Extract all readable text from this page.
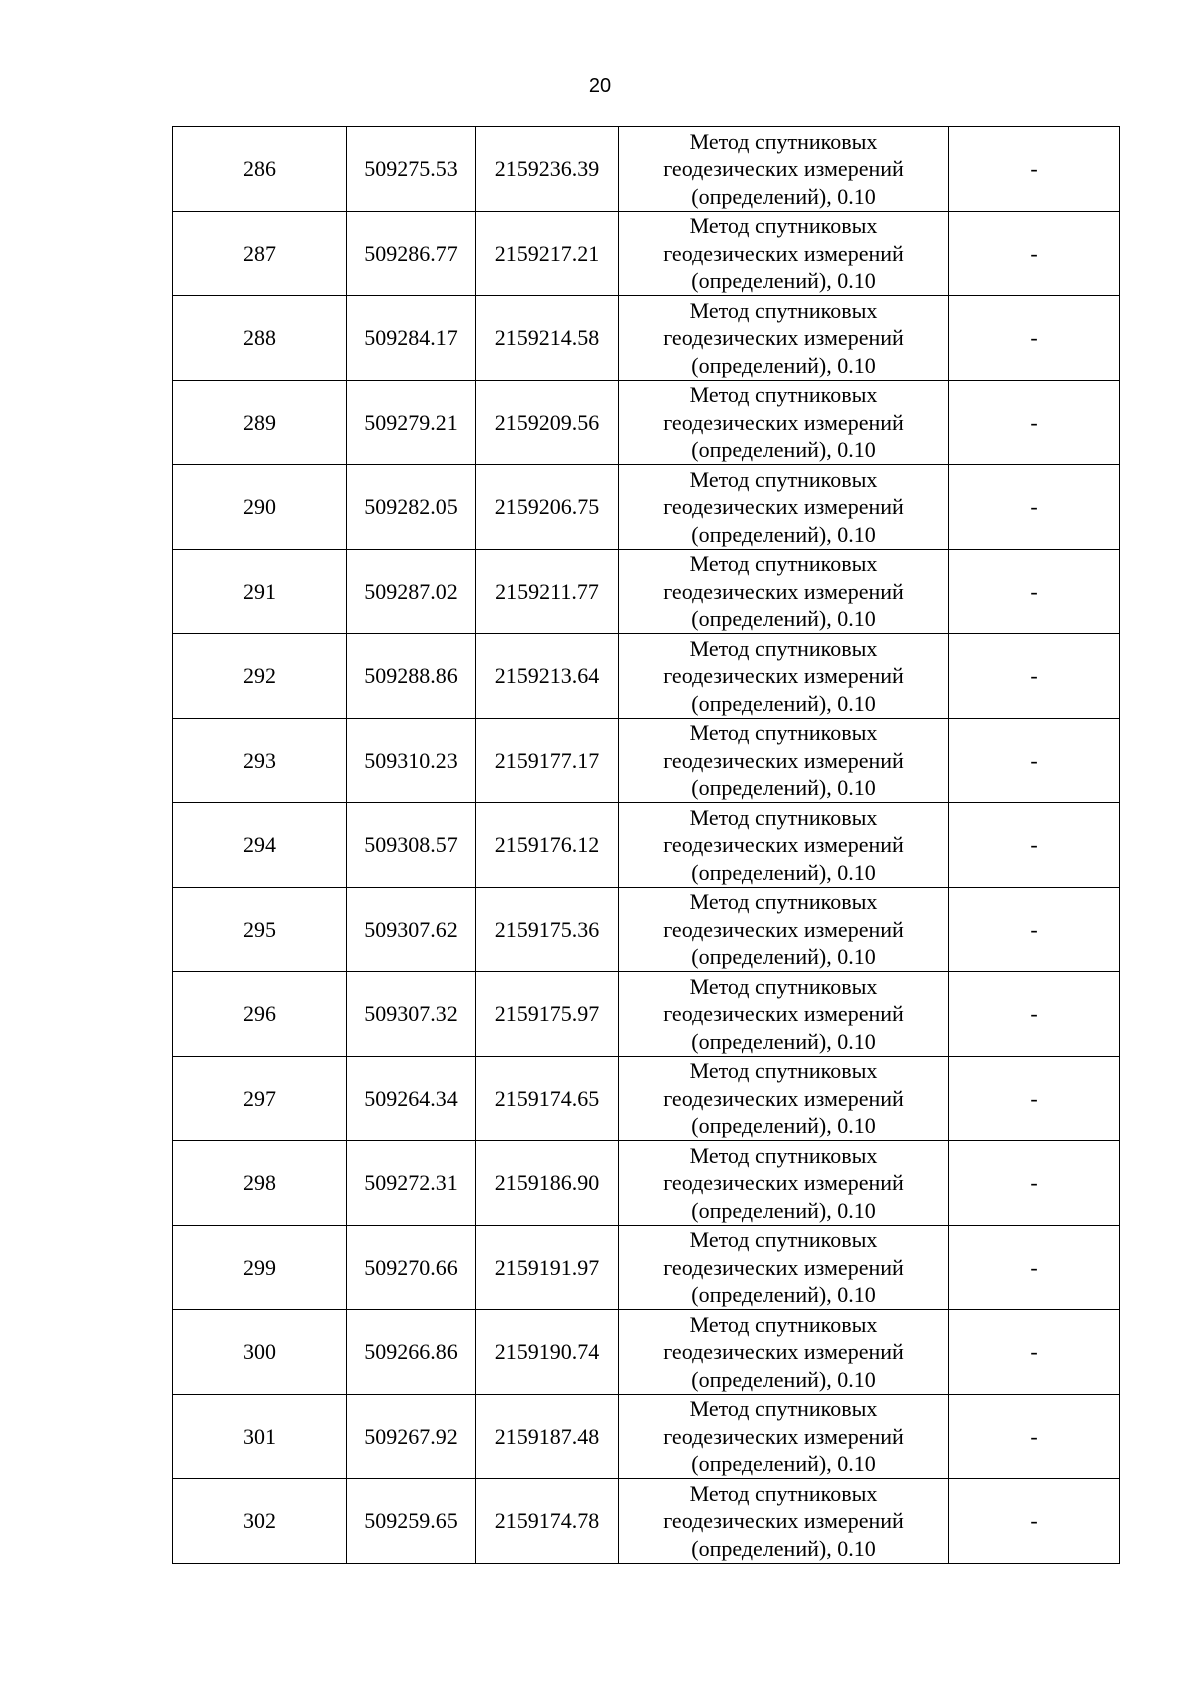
20
286	509275.53	2159236.39	Метод спутниковых
геодезических измерений
(определений), 0.10	-
287	509286.77	2159217.21	Метод спутниковых
геодезических измерений
(определений), 0.10	-
288	509284.17	2159214.58	Метод спутниковых
геодезических измерений
(определений), 0.10	-
289	509279.21	2159209.56	Метод спутниковых
геодезических измерений
(определений), 0.10	-
290	509282.05	2159206.75	Метод спутниковых
геодезических измерений
(определений), 0.10	-
291	509287.02	2159211.77	Метод спутниковых
геодезических измерений
(определений), 0.10	-
292	509288.86	2159213.64	Метод спутниковых
геодезических измерений
(определений), 0.10	-
293	509310.23	2159177.17	Метод спутниковых
геодезических измерений
(определений), 0.10	-
294	509308.57	2159176.12	Метод спутниковых
геодезических измерений
(определений), 0.10	-
295	509307.62	2159175.36	Метод спутниковых
геодезических измерений
(определений), 0.10	-
296	509307.32	2159175.97	Метод спутниковых
геодезических измерений
(определений), 0.10	-
297	509264.34	2159174.65	Метод спутниковых
геодезических измерений
(определений), 0.10	-
298	509272.31	2159186.90	Метод спутниковых
геодезических измерений
(определений), 0.10	-
299	509270.66	2159191.97	Метод спутниковых
геодезических измерений
(определений), 0.10	-
300	509266.86	2159190.74	Метод спутниковых
геодезических измерений
(определений), 0.10	-
301	509267.92	2159187.48	Метод спутниковых
геодезических измерений
(определений), 0.10	-
302	509259.65	2159174.78	Метод спутниковых
геодезических измерений
(определений), 0.10	-
